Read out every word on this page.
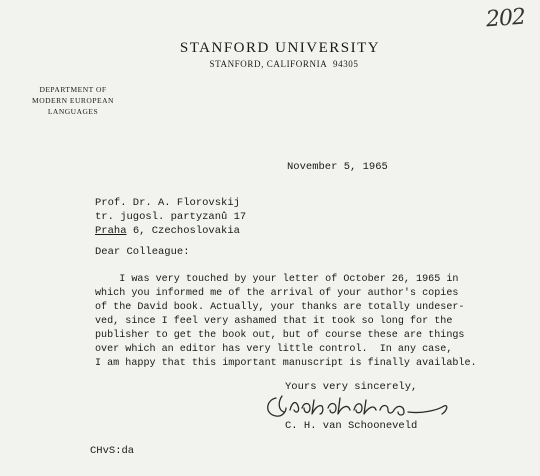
202
STANFORD UNIVERSITY
STANFORD, CALIFORNIA 94305
DEPARTMENT OF
MODERN EUROPEAN LANGUAGES
November 5, 1965
Prof. Dr. A. Florovskij
tr. jugosl. partyzanů 17
Praha 6, Czechoslovakia
Dear Colleague:
I was very touched by your letter of October 26, 1965 in
which you informed me of the arrival of your author's copies
of the David book. Actually, your thanks are totally undeser-
ved, since I feel very ashamed that it took so long for the
publisher to get the book out, but of course these are things
over which an editor has very little control.  In any case,
I am happy that this important manuscript is finally available.
Yours very sincerely,
C. H. van Schooneveld
CHvS:da
